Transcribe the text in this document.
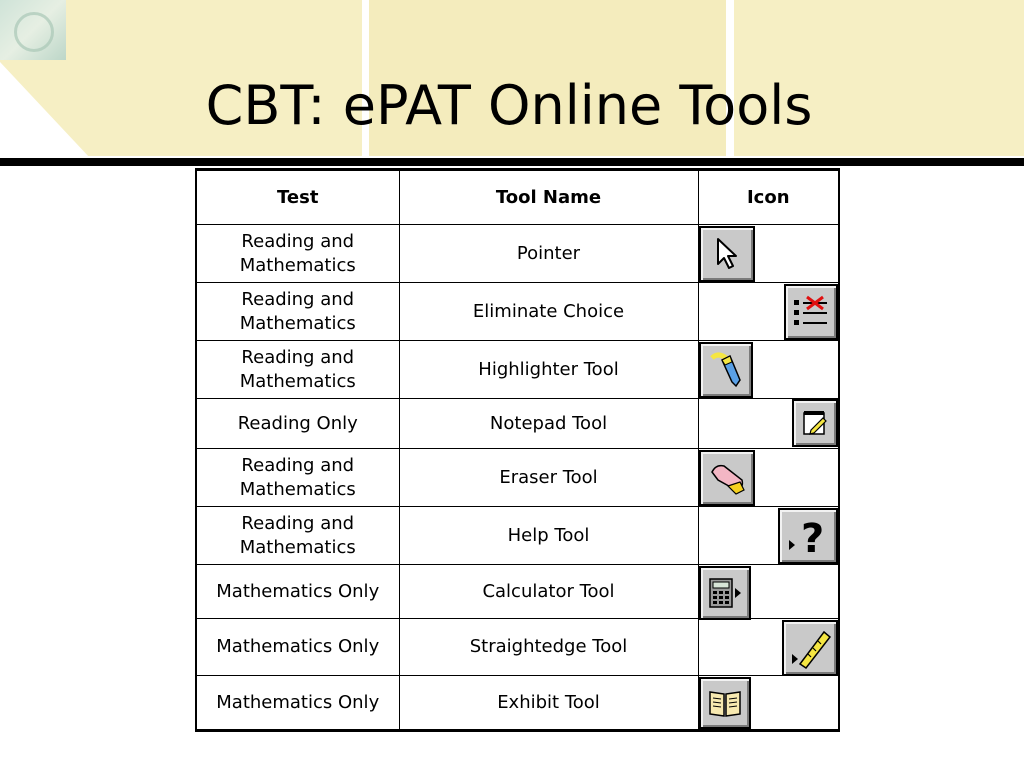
CBT: ePAT Online Tools
Test	Tool Name	Icon
Reading and Mathematics	Pointer	

Reading and Mathematics	Eliminate Choice	

Reading and Mathematics	Highlighter Tool	

Reading Only	Notepad Tool	

Reading and Mathematics	Eraser Tool	

Reading and Mathematics	Help Tool	?

Mathematics Only	Calculator Tool	

Mathematics Only	Straightedge Tool	

Mathematics Only	Exhibit Tool	
